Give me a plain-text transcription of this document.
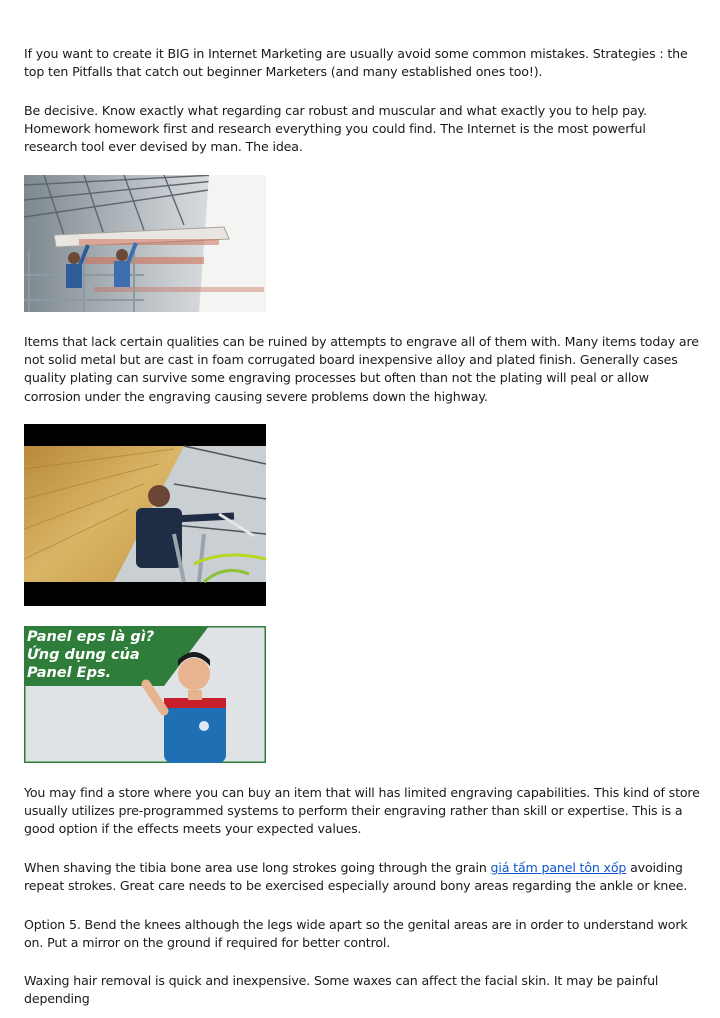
If you want to create it BIG in Internet Marketing are usually avoid some common mistakes. Strategies : the top ten Pitfalls that catch out beginner Marketers (and many established ones too!).

Be decisive. Know exactly what regarding car robust and muscular and what exactly you to help pay. Homework homework first and research everything you could find. The Internet is the most powerful research tool ever devised by man. The idea.

Items that lack certain qualities can be ruined by attempts to engrave all of them with. Many items today are not solid metal but are cast in foam corrugated board inexpensive alloy and plated finish. Generally cases quality plating can survive some engraving processes but often than not the plating will peal or allow corrosion under the engraving causing severe problems down the highway.

Panel eps là gì?
Ứng dụng của
Panel Eps.

You may find a store where you can buy an item that will has limited engraving capabilities. This kind of store usually utilizes pre-programmed systems to perform their engraving rather than skill or expertise. This is a good option if the effects meets your expected values.

When shaving the tibia bone area use long strokes going through the grain giá tấm panel tôn xốp avoiding repeat strokes. Great care needs to be exercised especially around bony areas regarding the ankle or knee.

Option 5. Bend the knees although the legs wide apart so the genital areas are in order to understand work on. Put a mirror on the ground if required for better control.

Waxing hair removal is quick and inexpensive. Some waxes can affect the facial skin. It may be painful depending
